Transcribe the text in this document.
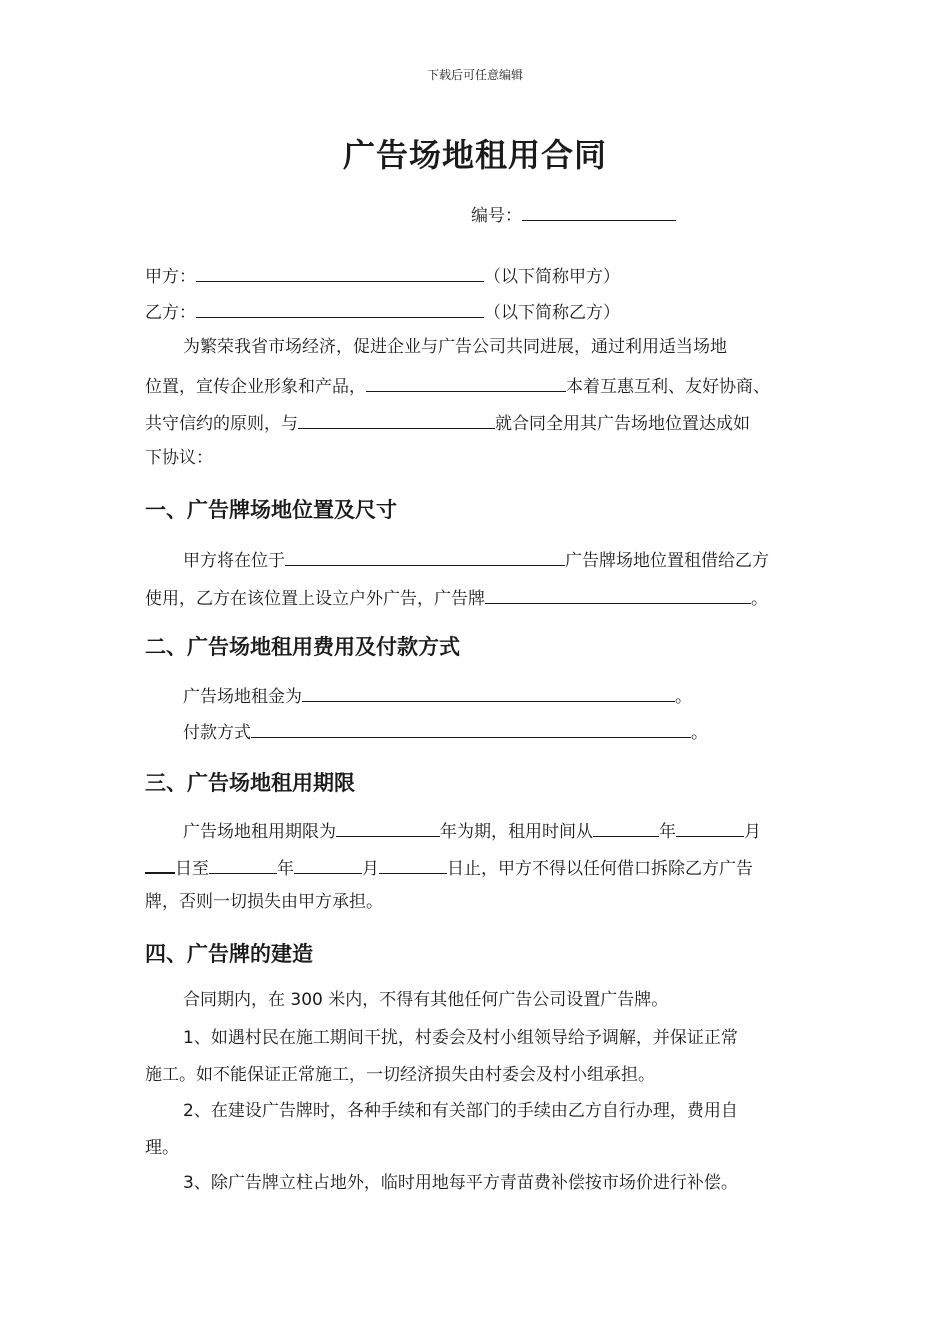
下载后可任意编辑
广告场地租用合同
编号：
甲方：	（以下简称甲方）
乙方：	（以下简称乙方）
为繁荣我省市场经济，促进企业与广告公司共同进展，通过利用适当场地
位置，宣传企业形象和产品，	本着互惠互利、友好协商、
共守信约的原则，与	就合同全用其广告场地位置达成如
下协议：
一、广告牌场地位置及尺寸
甲方将在位于	广告牌场地位置租借给乙方
使用，乙方在该位置上设立户外广告，广告牌	。
二、广告场地租用费用及付款方式
广告场地租金为	。
付款方式	。
三、广告场地租用期限
广告场地租用期限为	年为期，租用时间从	年	月
日至	年	月	日止，甲方不得以任何借口拆除乙方广告
牌，否则一切损失由甲方承担。
四、广告牌的建造
合同期内，在 300 米内，不得有其他任何广告公司设置广告牌。
1、如遇村民在施工期间干扰，村委会及村小组领导给予调解，并保证正常
施工。如不能保证正常施工，一切经济损失由村委会及村小组承担。
2、在建设广告牌时，各种手续和有关部门的手续由乙方自行办理，费用自
理。
3、除广告牌立柱占地外，临时用地每平方青苗费补偿按市场价进行补偿。
